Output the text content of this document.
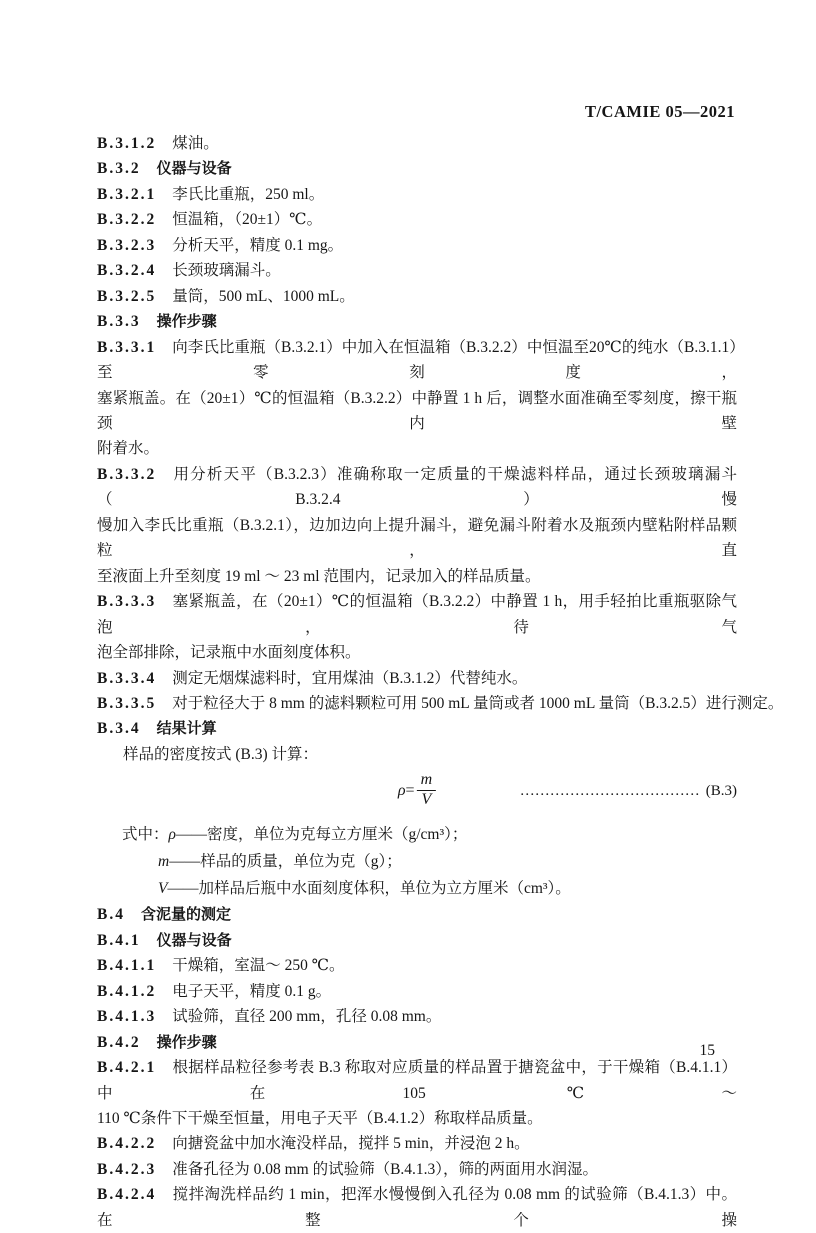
T/CAMIE 05—2021

B.3.1.2 煤油。

B.3.2 仪器与设备

B.3.2.1 李氏比重瓶，250 ml。

B.3.2.2 恒温箱，（20±1）℃。

B.3.2.3 分析天平，精度 0.1 mg。

B.3.2.4 长颈玻璃漏斗。

B.3.2.5 量筒，500 mL、1000 mL。

B.3.3 操作步骤

B.3.3.1 向李氏比重瓶（B.3.2.1）中加入在恒温箱（B.3.2.2）中恒温至20℃的纯水（B.3.1.1）至零刻度，

塞紧瓶盖。在（20±1）℃的恒温箱（B.3.2.2）中静置 1 h 后，调整水面准确至零刻度，擦干瓶颈内壁

附着水。

B.3.3.2 用分析天平（B.3.2.3）准确称取一定质量的干燥滤料样品，通过长颈玻璃漏斗（B.3.2.4）慢

慢加入李氏比重瓶（B.3.2.1），边加边向上提升漏斗，避免漏斗附着水及瓶颈内壁粘附样品颗粒，直

至液面上升至刻度 19 ml ～ 23 ml 范围内，记录加入的样品质量。

B.3.3.3 塞紧瓶盖，在（20±1）℃的恒温箱（B.3.2.2）中静置 1 h，用手轻拍比重瓶驱除气泡，待气

泡全部排除，记录瓶中水面刻度体积。

B.3.3.4 测定无烟煤滤料时，宜用煤油（B.3.1.2）代替纯水。

B.3.3.5 对于粒径大于 8 mm 的滤料颗粒可用 500 mL 量筒或者 1000 mL 量筒（B.3.2.5）进行测定。

B.3.4 结果计算

样品的密度按式 (B.3) 计算：

$\rho = \frac{m}{V}$	……………………………… (B.3)

式中：ρ——密度，单位为克每立方厘米（g/cm³）；

m——样品的质量，单位为克（g）；

V——加样品后瓶中水面刻度体积，单位为立方厘米（cm³）。

B.4 含泥量的测定

B.4.1 仪器与设备

B.4.1.1 干燥箱，室温～ 250 ℃。

B.4.1.2 电子天平，精度 0.1 g。

B.4.1.3 试验筛，直径 200 mm，孔径 0.08 mm。

B.4.2 操作步骤

B.4.2.1 根据样品粒径参考表 B.3 称取对应质量的样品置于搪瓷盆中，于干燥箱（B.4.1.1）中在105 ℃～

110 ℃条件下干燥至恒量，用电子天平（B.4.1.2）称取样品质量。

B.4.2.2 向搪瓷盆中加水淹没样品，搅拌 5 min，并浸泡 2 h。

B.4.2.3 准备孔径为 0.08 mm 的试验筛（B.4.1.3），筛的两面用水润湿。

B.4.2.4 搅拌淘洗样品约 1 min，把浑水慢慢倒入孔径为 0.08 mm 的试验筛（B.4.1.3）中。在整个操

15
